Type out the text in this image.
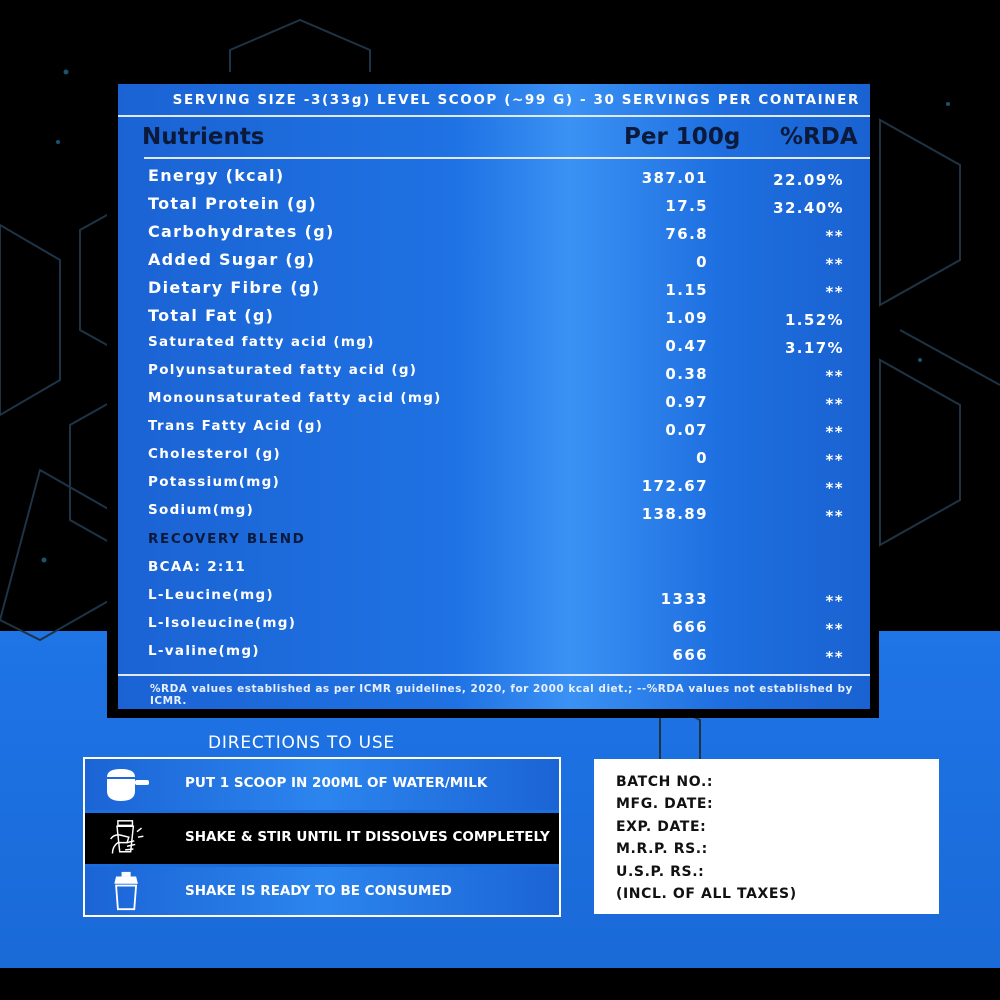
SERVING SIZE -3(33g) LEVEL SCOOP (~99 G) - 30 SERVINGS PER CONTAINER
Nutrients	Per 100g %RDA
Energy (kcal)	387.01	22.09%
Total Protein (g)	17.5	32.40%
Carbohydrates (g)	76.8	**
Added Sugar (g)	0	**
Dietary Fibre (g)	1.15	**
Total Fat (g)	1.09	1.52%
Saturated fatty acid (mg)	0.47	3.17%
Polyunsaturated fatty acid (g)	0.38	**
Monounsaturated fatty acid (mg)	0.97	**
Trans Fatty Acid (g)	0.07	**
Cholesterol (g)	0	**
Potassium(mg)	172.67	**
Sodium(mg)	138.89	**
RECOVERY BLEND
BCAA: 2:11
L-Leucine(mg)	1333	**
L-Isoleucine(mg)	666	**
L-valine(mg)	666	**
%RDA values established as per ICMR guidelines, 2020, for 2000 kcal diet.; --%RDA values not established by ICMR.
DIRECTIONS TO USE
PUT 1 SCOOP IN 200ML OF WATER/MILK
SHAKE & STIR UNTIL IT DISSOLVES COMPLETELY
SHAKE IS READY TO BE CONSUMED
BATCH NO.:
MFG. DATE:
EXP. DATE:
M.R.P. RS.:
U.S.P. RS.:
(INCL. OF ALL TAXES)
